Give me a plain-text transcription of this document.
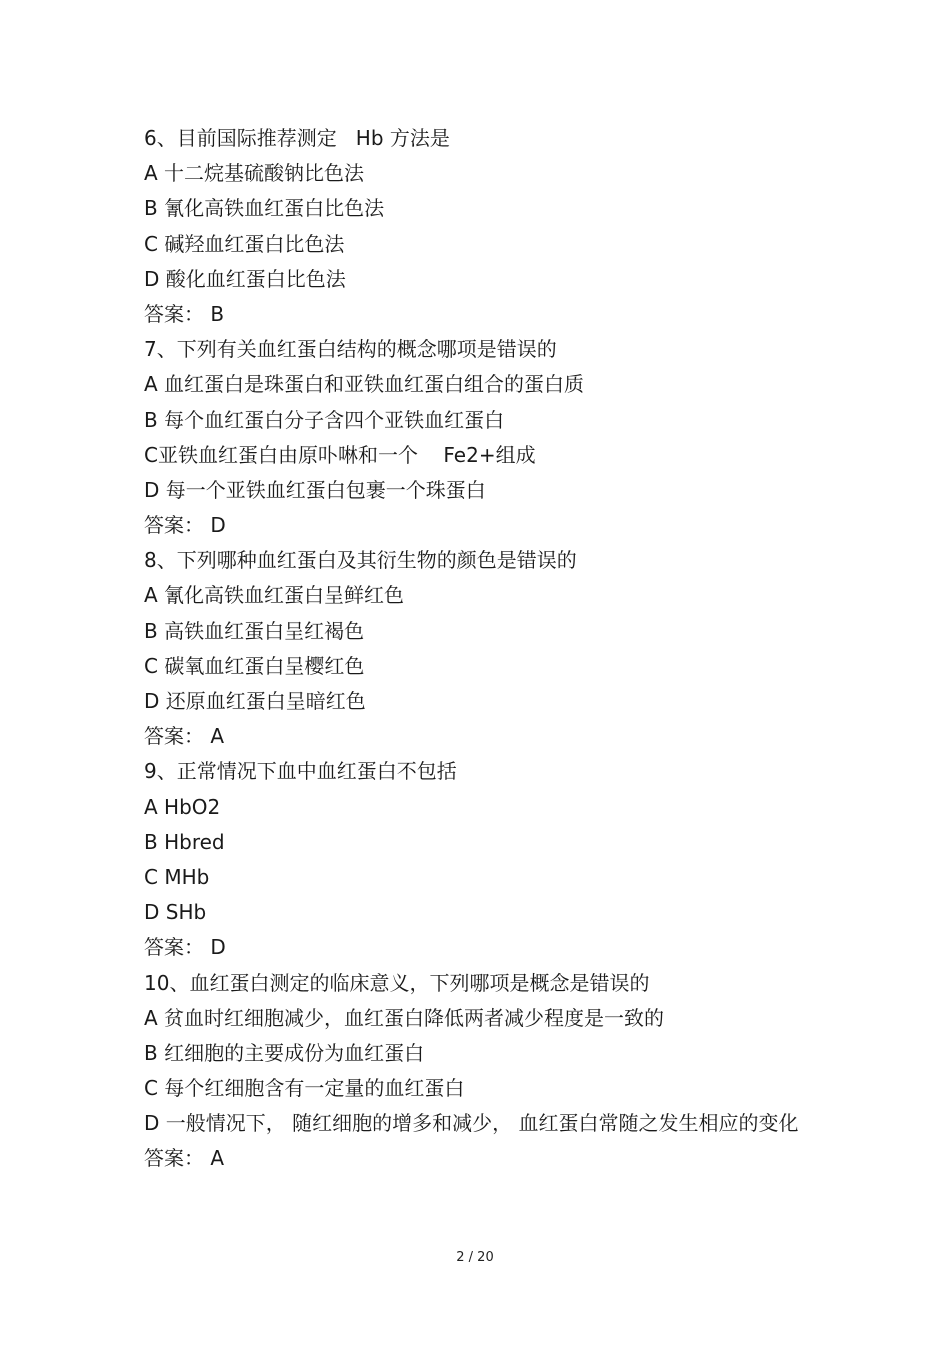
6、目前国际推荐测定   Hb 方法是
A 十二烷基硫酸钠比色法
B 氰化高铁血红蛋白比色法
C 碱羟血红蛋白比色法
D 酸化血红蛋白比色法
答案： B
7、下列有关血红蛋白结构的概念哪项是错误的
A 血红蛋白是珠蛋白和亚铁血红蛋白组合的蛋白质
B 每个血红蛋白分子含四个亚铁血红蛋白
C亚铁血红蛋白由原卟啉和一个    Fe2+组成
D 每一个亚铁血红蛋白包裹一个珠蛋白
答案： D
8、下列哪种血红蛋白及其衍生物的颜色是错误的
A 氰化高铁血红蛋白呈鲜红色
B 高铁血红蛋白呈红褐色
C 碳氧血红蛋白呈樱红色
D 还原血红蛋白呈暗红色
答案： A
9、正常情况下血中血红蛋白不包括
A HbO2
B Hbred
C MHb
D SHb
答案： D
10、血红蛋白测定的临床意义，下列哪项是概念是错误的
A 贫血时红细胞减少，血红蛋白降低两者减少程度是一致的
B 红细胞的主要成份为血红蛋白
C 每个红细胞含有一定量的血红蛋白
D 一般情况下， 随红细胞的增多和减少， 血红蛋白常随之发生相应的变化
答案： A
2 / 20
